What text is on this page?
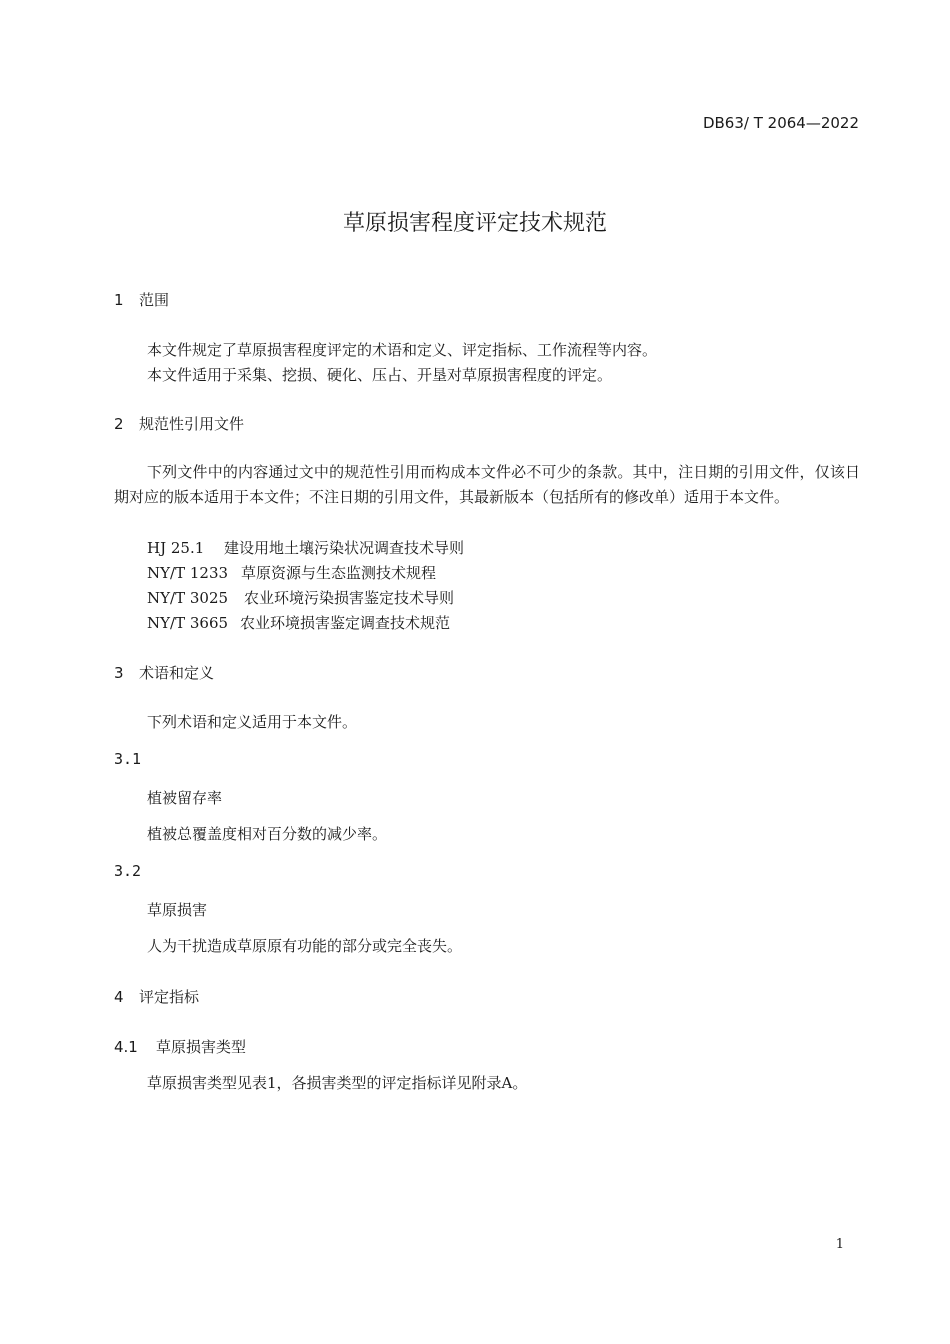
DB63/ T 2064—2022
草原损害程度评定技术规范
1 范围
本文件规定了草原损害程度评定的术语和定义、评定指标、工作流程等内容。
本文件适用于采集、挖损、硬化、压占、开垦对草原损害程度的评定。
2 规范性引用文件
下列文件中的内容通过文中的规范性引用而构成本文件必不可少的条款。其中，注日期的引用文件，仅该日期对应的版本适用于本文件；不注日期的引用文件，其最新版本（包括所有的修改单）适用于本文件。
HJ 25.1 建设用地土壤污染状况调查技术导则
NY/T 1233 草原资源与生态监测技术规程
NY/T 3025 农业环境污染损害鉴定技术导则
NY/T 3665 农业环境损害鉴定调查技术规范
3 术语和定义
下列术语和定义适用于本文件。
3.1
植被留存率
植被总覆盖度相对百分数的减少率。
3.2
草原损害
人为干扰造成草原原有功能的部分或完全丧失。
4 评定指标
4.1 草原损害类型
草原损害类型见表1，各损害类型的评定指标详见附录A。
1
